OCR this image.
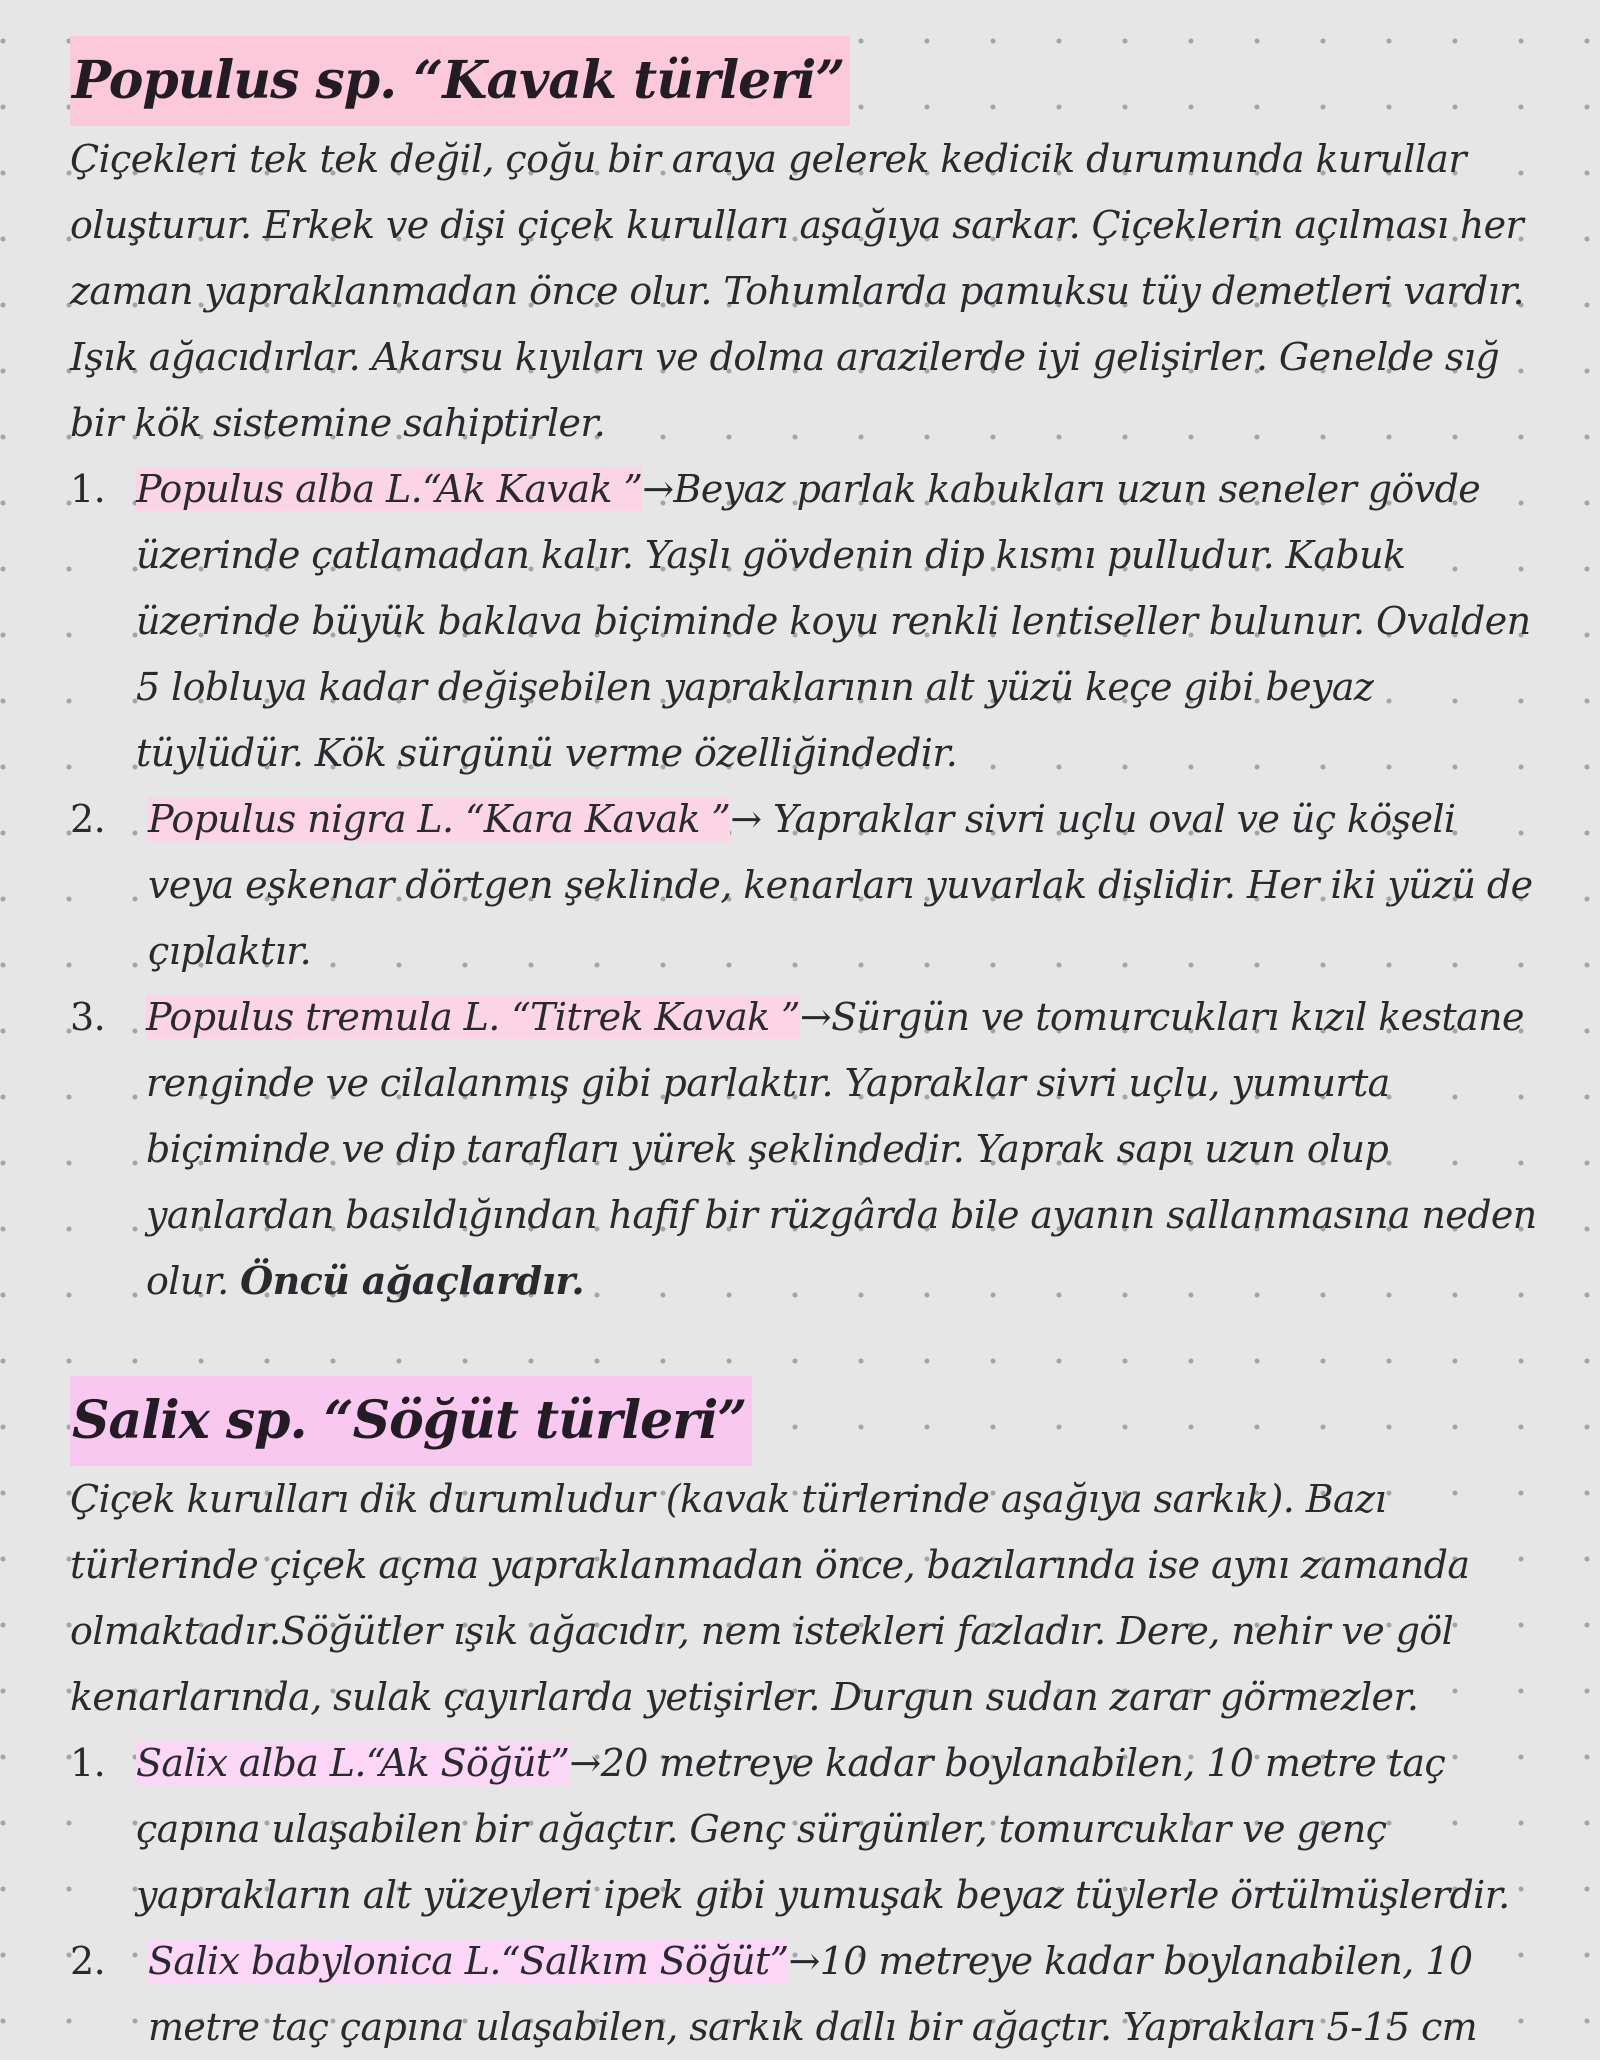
Populus sp. “Kavak türleri”

Çiçekleri tek tek değil, çoğu bir araya gelerek kedicik durumunda kurullar oluşturur. Erkek ve dişi çiçek kurulları aşağıya sarkar. Çiçeklerin açılması her zaman yapraklanmadan önce olur. Tohumlarda pamuksu tüy demetleri vardır. Işık ağacıdırlar. Akarsu kıyıları ve dolma arazilerde iyi gelişirler. Genelde sığ bir kök sistemine sahiptirler.

1. Populus alba L.“Ak Kavak ”→Beyaz parlak kabukları uzun seneler gövde üzerinde çatlamadan kalır. Yaşlı gövdenin dip kısmı pulludur. Kabuk üzerinde büyük baklava biçiminde koyu renkli lentiseller bulunur. Ovalden 5 lobluya kadar değişebilen yapraklarının alt yüzü keçe gibi beyaz tüylüdür. Kök sürgünü verme özelliğindedir.
2. Populus nigra L. “Kara Kavak ”→ Yapraklar sivri uçlu oval ve üç köşeli veya eşkenar dörtgen şeklinde, kenarları yuvarlak dişlidir. Her iki yüzü de çıplaktır.
3. Populus tremula L. “Titrek Kavak ”→Sürgün ve tomurcukları kızıl kestane renginde ve cilalanmış gibi parlaktır. Yapraklar sivri uçlu, yumurta biçiminde ve dip tarafları yürek şeklindedir. Yaprak sapı uzun olup yanlardan basıldığından hafif bir rüzgârda bile ayanın sallanmasına neden olur. Öncü ağaçlardır.
Salix sp. “Söğüt türleri”

Çiçek kurulları dik durumludur (kavak türlerinde aşağıya sarkık). Bazı türlerinde çiçek açma yapraklanmadan önce, bazılarında ise aynı zamanda olmaktadır.Söğütler ışık ağacıdır, nem istekleri fazladır. Dere, nehir ve göl kenarlarında, sulak çayırlarda yetişirler. Durgun sudan zarar görmezler.

1. Salix alba L.“Ak Söğüt”→20 metreye kadar boylanabilen, 10 metre taç çapına ulaşabilen bir ağaçtır. Genç sürgünler, tomurcuklar ve genç yaprakların alt yüzeyleri ipek gibi yumuşak beyaz tüylerle örtülmüşlerdir.
2. Salix babylonica L.“Salkım Söğüt”→10 metreye kadar boylanabilen, 10 metre taç çapına ulaşabilen, sarkık dallı bir ağaçtır. Yaprakları 5-15 cm
